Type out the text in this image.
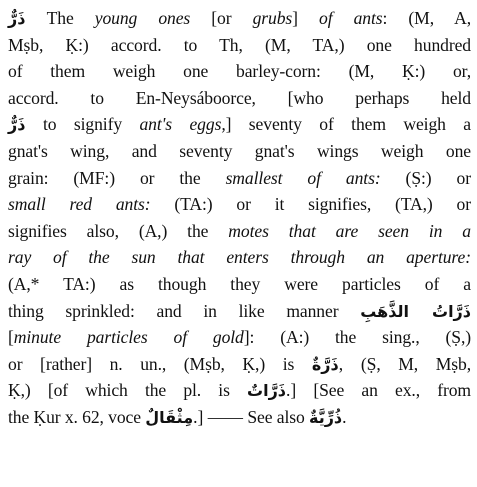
ذَرٌّ The young ones [or grubs] of ants: (M, A,
Mṣb, Ḳ:) accord. to Th, (M, TA,) one hundred
of them weigh one barley-corn: (M, Ḳ:) or,
accord. to En-Neysáboorce, [who perhaps held
ذَرٌّ to signify ant's eggs,] seventy of them weigh a
gnat's wing, and seventy gnat's wings weigh one
grain: (MF:) or the smallest of ants: (Ṣ:) or
small red ants: (TA:) or it signifies, (TA,) or
signifies also, (A,) the motes that are seen in a
ray of the sun that enters through an aperture:
(A,* TA:) as though they were particles of a
thing sprinkled: and in like manner ذَرَّاتُ الذَّهَبِ
[minute particles of gold]: (A:) the sing., (Ṣ,)
or [rather] n. un., (Mṣb, Ḳ,) is ذَرَّةٌ, (Ṣ, M, Mṣb,
Ḳ,) [of which the pl. is ذَرَّاتٌ.] [See an ex., from
the Ḳur x. 62, voce مِثْقَالٌ.] ―― See also ذُرِّيَّةٌ.
